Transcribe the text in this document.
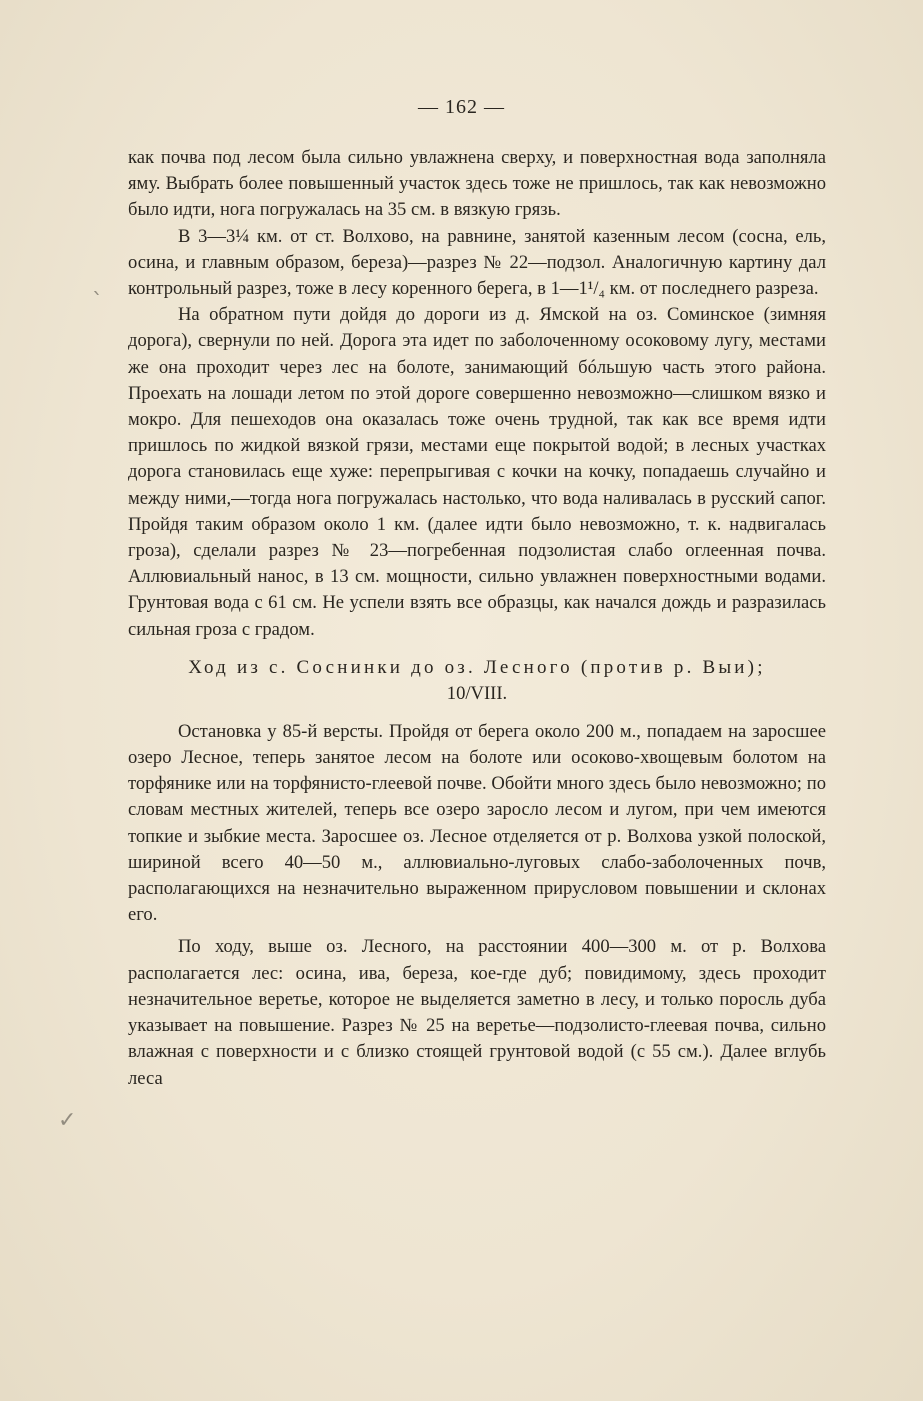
— 162 —
ˋ
✓

как почва под лесом была сильно увлажнена сверху, и поверхностная вода заполняла яму. Выбрать более повышенный участок здесь тоже не пришлось, так как невозможно было идти, нога погружалась на 35 см. в вязкую грязь.

В 3—3¼ км. от ст. Волхово, на равнине, занятой казенным лесом (сосна, ель, осина, и главным образом, береза)—разрез № 22—подзол. Аналогичную картину дал контрольный разрез, тоже в лесу коренного берега, в 1—1¹/₄ км. от последнего разреза.

На обратном пути дойдя до дороги из д. Ямской на оз. Соминское (зимняя дорога), свернули по ней. Дорога эта идет по заболоченному осоковому лугу, местами же она проходит через лес на болоте, занимающий бóльшую часть этого района. Проехать на лошади летом по этой дороге совершенно невозможно—слишком вязко и мокро. Для пешеходов она оказалась тоже очень трудной, так как все время идти пришлось по жидкой вязкой грязи, местами еще покрытой водой; в лесных участках дорога становилась еще хуже: перепрыгивая с кочки на кочку, попадаешь случайно и между ними,—тогда нога погружалась настолько, что вода наливалась в русский сапог. Пройдя таким образом около 1 км. (далее идти было невозможно, т. к. надвигалась гроза), сделали разрез № 23—погребенная подзолистая слабо оглеенная почва. Аллювиальный нанос, в 13 см. мощности, сильно увлажнен поверхностными водами. Грунтовая вода с 61 см. Не успели взять все образцы, как начался дождь и разразилась сильная гроза с градом.

Ход из с. Соснинки до оз. Лесного (против р. Выи);
10/VIII.

Остановка у 85-й версты. Пройдя от берега около 200 м., попадаем на заросшее озеро Лесное, теперь занятое лесом на болоте или осоково-хвощевым болотом на торфянике или на торфянисто-глеевой почве. Обойти много здесь было невозможно; по словам местных жителей, теперь все озеро заросло лесом и лугом, при чем имеются топкие и зыбкие места. Заросшее оз. Лесное отделяется от р. Волхова узкой полоской, шириной всего 40—50 м., аллювиально-луговых слабо-заболоченных почв, располагающихся на незначительно выраженном прирусловом повышении и склонах его.

По ходу, выше оз. Лесного, на расстоянии 400—300 м. от р. Волхова располагается лес: осина, ива, береза, кое-где дуб; повидимому, здесь проходит незначительное веретье, которое не выделяется заметно в лесу, и только поросль дуба указывает на повышение. Разрез № 25 на веретье—подзолисто-глеевая почва, сильно влажная с поверхности и с близко стоящей грунтовой водой (с 55 см.). Далее вглубь леса
